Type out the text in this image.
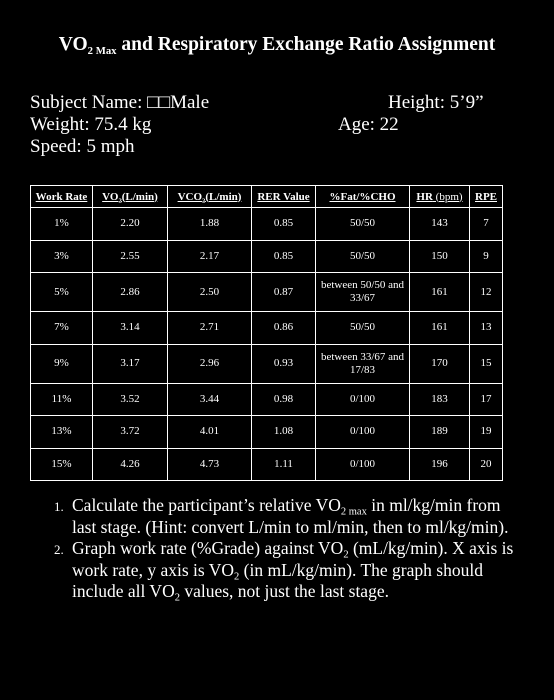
$VO_2$ $_{Max}$ and Respiratory Exchange Ratio Assignment
Subject Name: □□Male
Weight: 75.4 kg
Speed: 5 mph
Height: 5’9”
Age: 22
Work Rate	$VO_2(L/\min)$	$VCO_2(L/\min)$	RER Value	%Fat/%CHO	HR (bpm)	RPE
1%	2.20	1.88	0.85	50/50	143	7
3%	2.55	2.17	0.85	50/50	150	9
5%	2.86	2.50	0.87	between 50/50 and 33/67	161	12
7%	3.14	2.71	0.86	50/50	161	13
9%	3.17	2.96	0.93	between 33/67 and 17/83	170	15
11%	3.52	3.44	0.98	0/100	183	17
13%	3.72	4.01	1.08	0/100	189	19
15%	4.26	4.73	1.11	0/100	196	20
1. Calculate the participant’s relative $VO_{2 max}$ in ml/kg/min from last stage. (Hint: convert L/min to ml/min, then to ml/kg/min).
2. Graph work rate (%Grade) against $VO_2$ (mL/kg/min). X axis is work rate, y axis is $VO_2$ (in mL/kg/min). The graph should include all $VO_2$ values, not just the last stage.
